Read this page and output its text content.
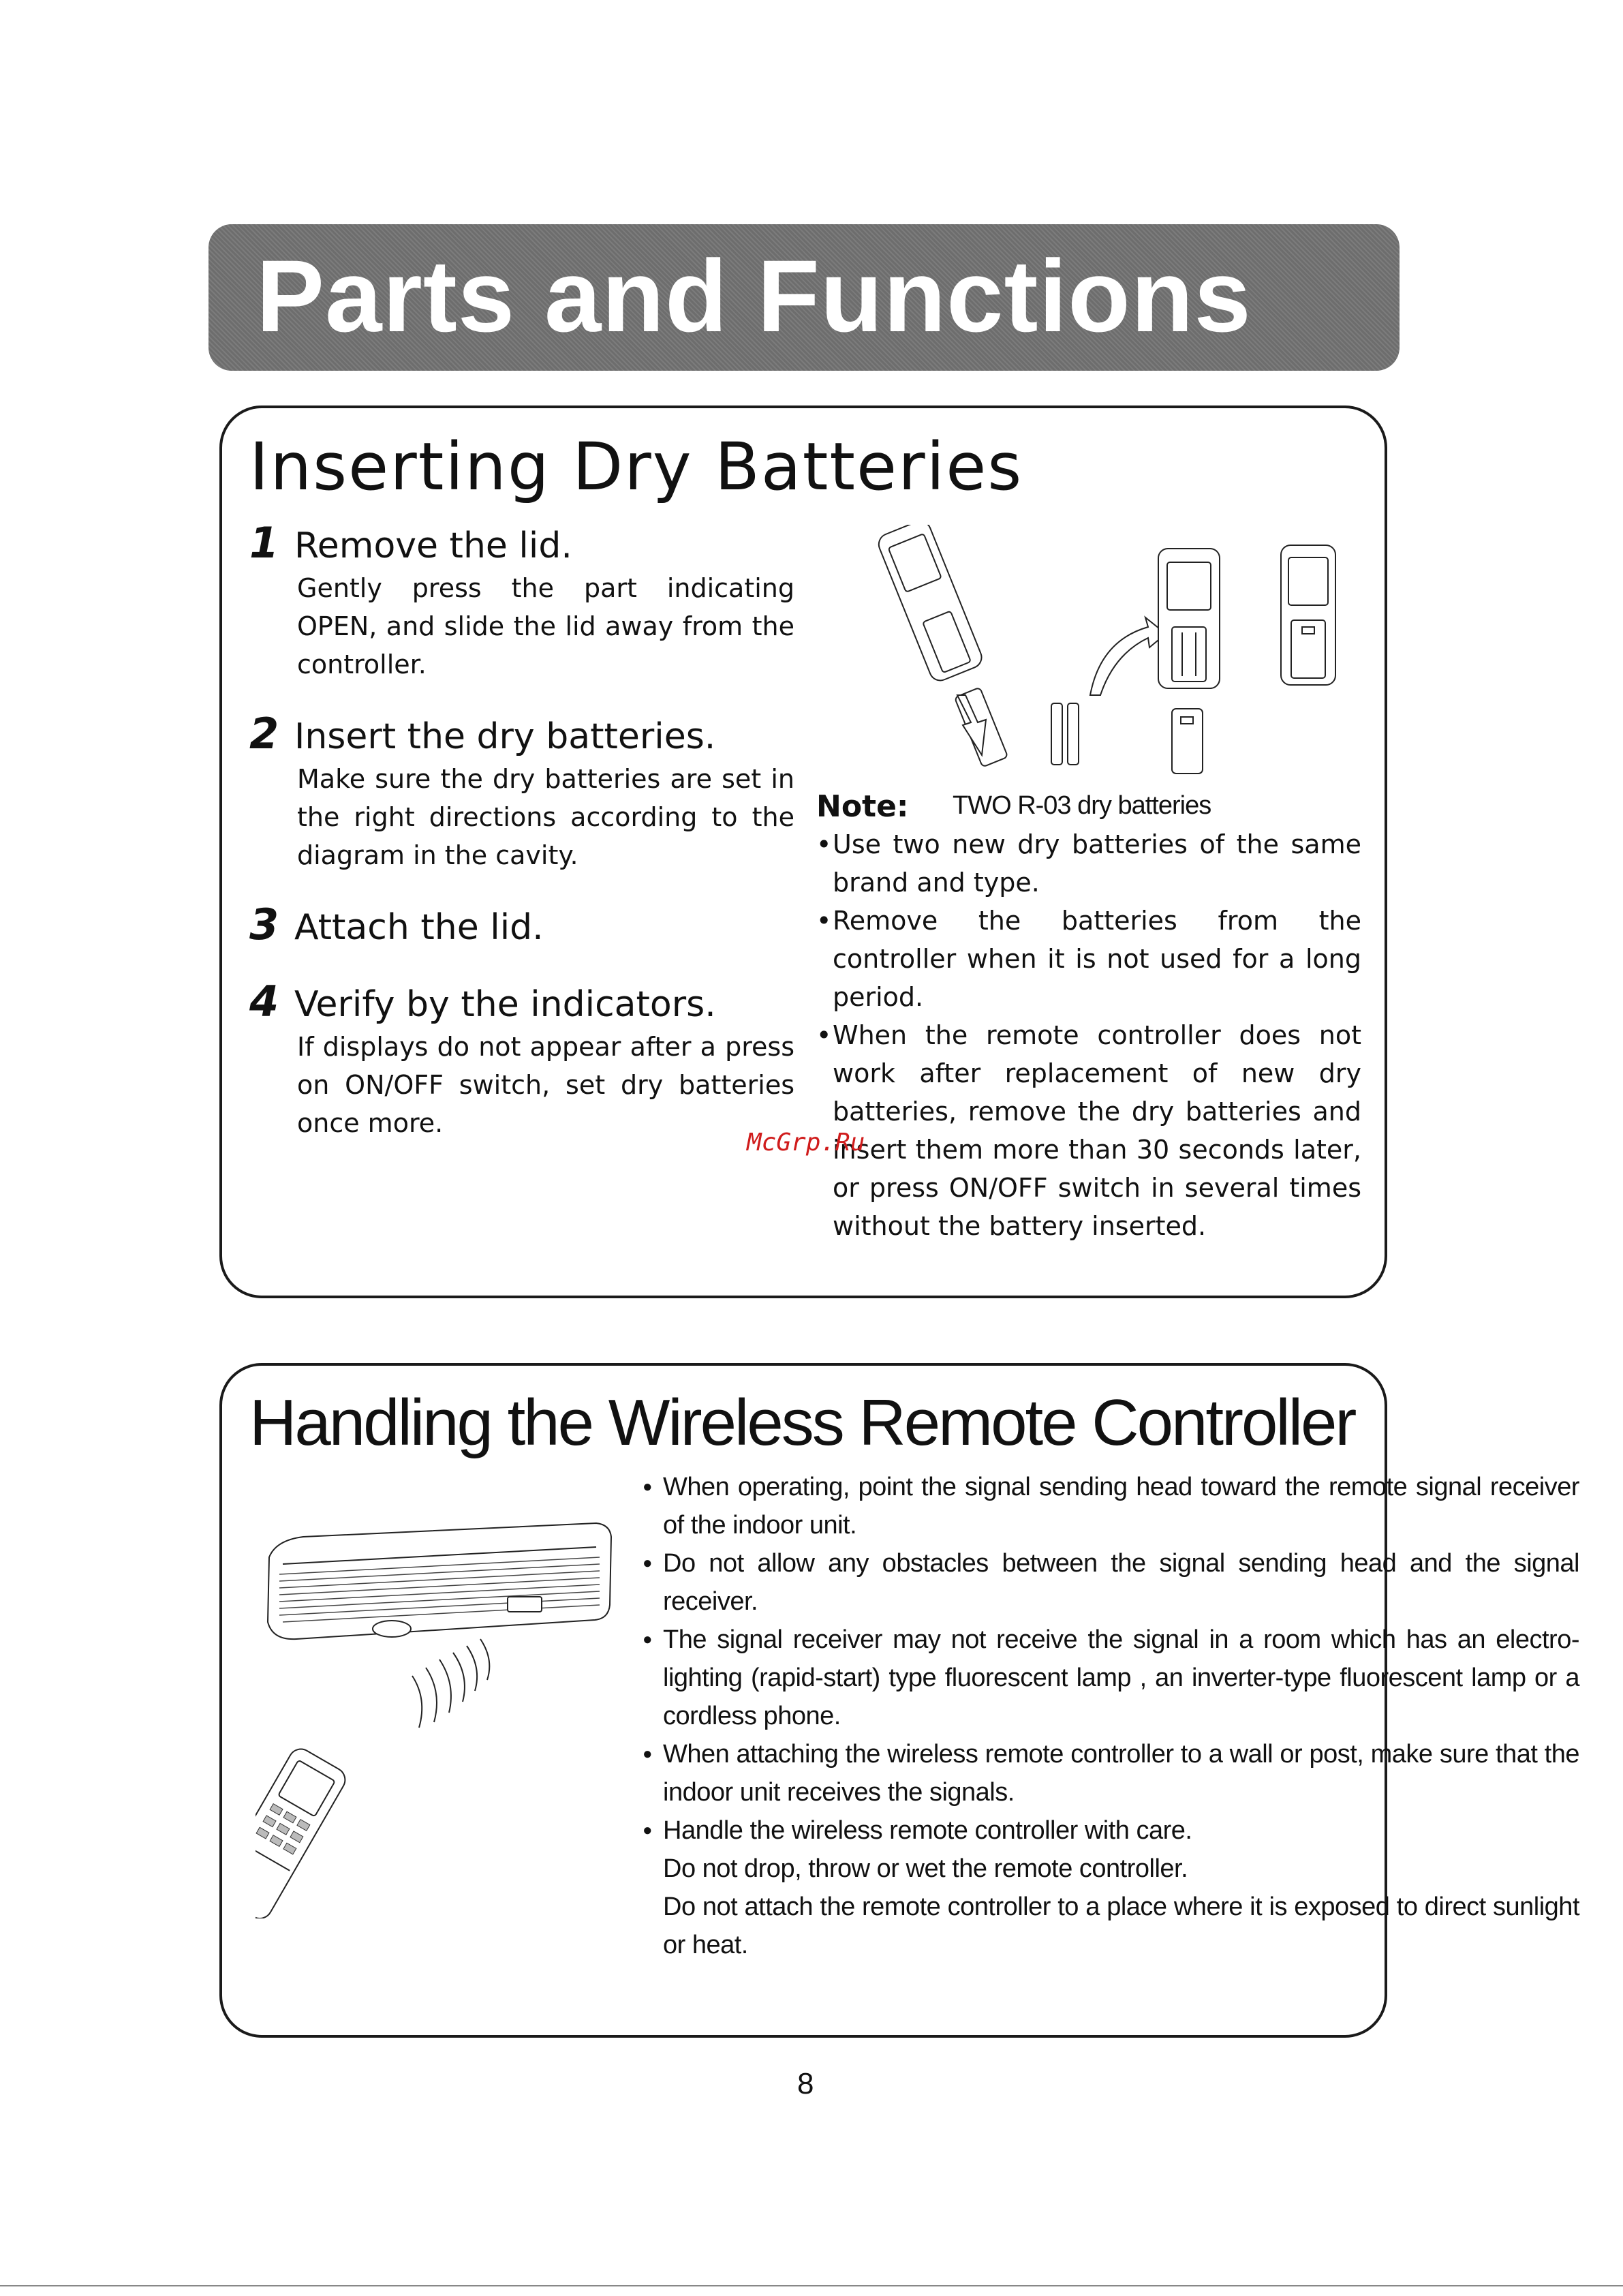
Parts and Functions
Inserting Dry Batteries
1 Remove the lid.

Gently press the part indicating OPEN, and slide the lid away from the controller.

2 Insert the dry batteries.

Make sure the dry batteries are set in the right directions according to the diagram in the cavity.

3 Attach the lid.
4 Verify by the indicators.

If displays do not appear after a press on ON/OFF switch, set dry batteries once more.

Note: TWO R-03 dry batteries
• Use two new dry batteries of the same brand and type.
• Remove the batteries from the controller when it is not used for a long period.
• When the remote controller does not work after replacement of new dry batteries, remove the dry batteries and insert them more than 30 seconds later, or press ON/OFF switch in several times without the battery inserted.
McGrp.Ru
Handling the Wireless Remote Controller
● When operating, point the signal sending head toward the remote signal receiver of the indoor unit.
● Do not allow any obstacles between the signal sending head and the signal receiver.
● The signal receiver may not receive the signal in a room which has an electro-lighting (rapid-start) type fluorescent lamp , an inverter-type fluorescent lamp or a cordless phone.
● When attaching the wireless remote controller to a wall or post, make sure that the indoor unit receives the signals.
● Handle the wireless remote controller with care.
Do not drop, throw or wet the remote controller.
Do not attach the remote controller to a place where it is exposed to direct sunlight or heat.
8
